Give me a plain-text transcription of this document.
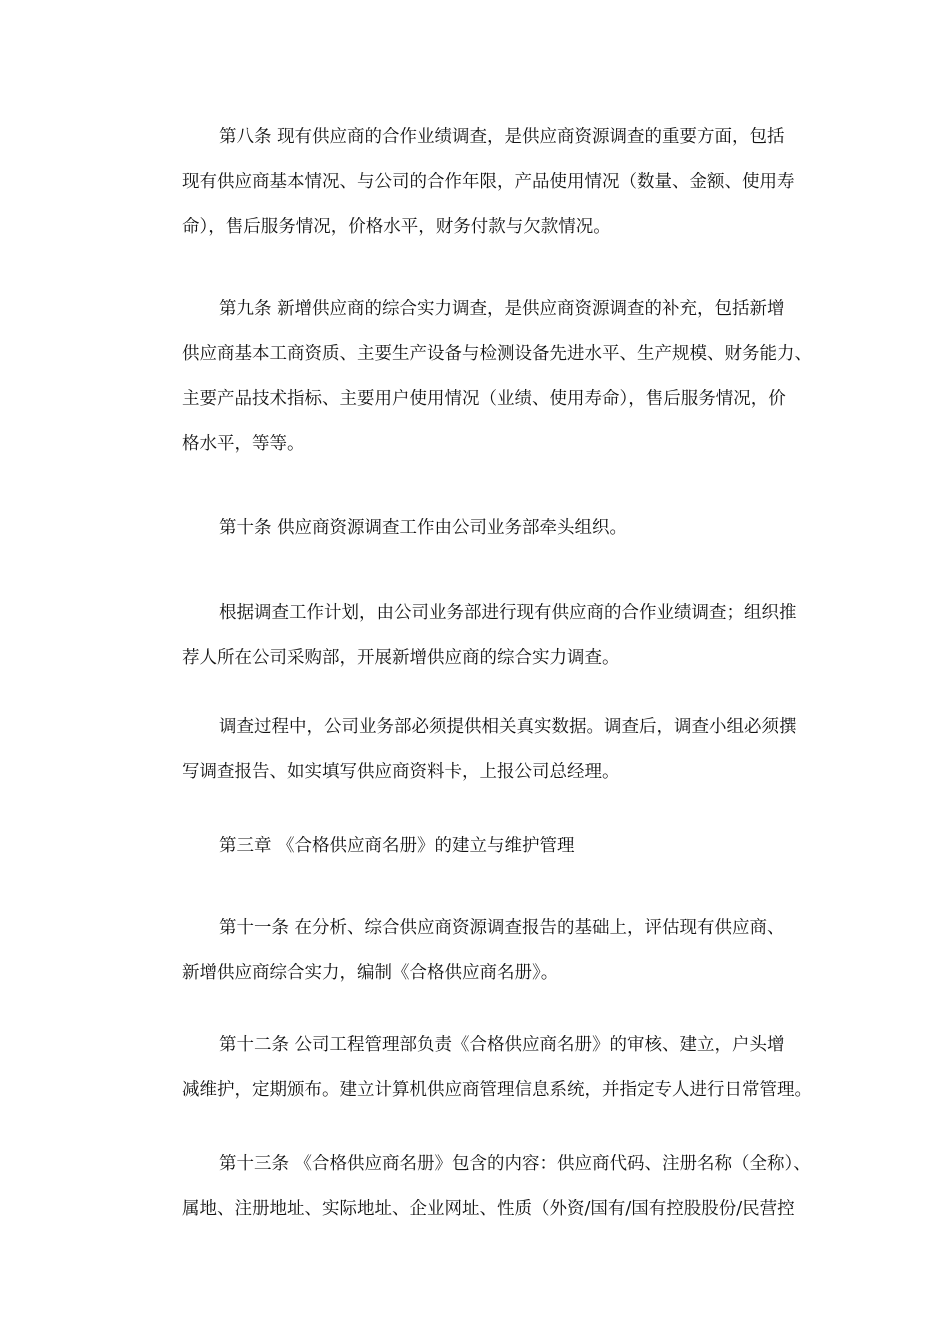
第八条 现有供应商的合作业绩调查，是供应商资源调查的重要方面，包括
现有供应商基本情况、与公司的合作年限，产品使用情况（数量、金额、使用寿
命），售后服务情况，价格水平，财务付款与欠款情况。
第九条 新增供应商的综合实力调查，是供应商资源调查的补充，包括新增
供应商基本工商资质、主要生产设备与检测设备先进水平、生产规模、财务能力、
主要产品技术指标、主要用户使用情况（业绩、使用寿命），售后服务情况，价
格水平，等等。
第十条 供应商资源调查工作由公司业务部牵头组织。
根据调查工作计划，由公司业务部进行现有供应商的合作业绩调查；组织推
荐人所在公司采购部，开展新增供应商的综合实力调查。
调查过程中，公司业务部必须提供相关真实数据。调查后，调查小组必须撰
写调查报告、如实填写供应商资料卡，上报公司总经理。
第三章 《合格供应商名册》的建立与维护管理
第十一条 在分析、综合供应商资源调查报告的基础上，评估现有供应商、
新增供应商综合实力，编制《合格供应商名册》。
第十二条 公司工程管理部负责《合格供应商名册》的审核、建立，户头增
减维护，定期颁布。建立计算机供应商管理信息系统，并指定专人进行日常管理。
第十三条 《合格供应商名册》包含的内容：供应商代码、注册名称（全称）、
属地、注册地址、实际地址、企业网址、性质（外资/国有/国有控股股份/民营控
